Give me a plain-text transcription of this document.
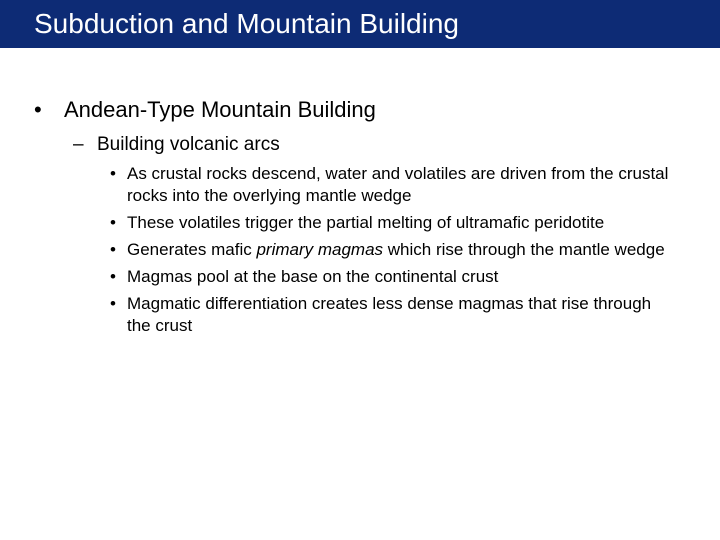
Subduction and Mountain Building
• Andean-Type Mountain Building
– Building volcanic arcs
• As crustal rocks descend, water and volatiles are driven from the crustal rocks into the overlying mantle wedge
• These volatiles trigger the partial melting of ultramafic peridotite
• Generates mafic primary magmas which rise through the mantle wedge
• Magmas pool at the base on the continental crust
• Magmatic differentiation creates less dense magmas that rise through the crust
